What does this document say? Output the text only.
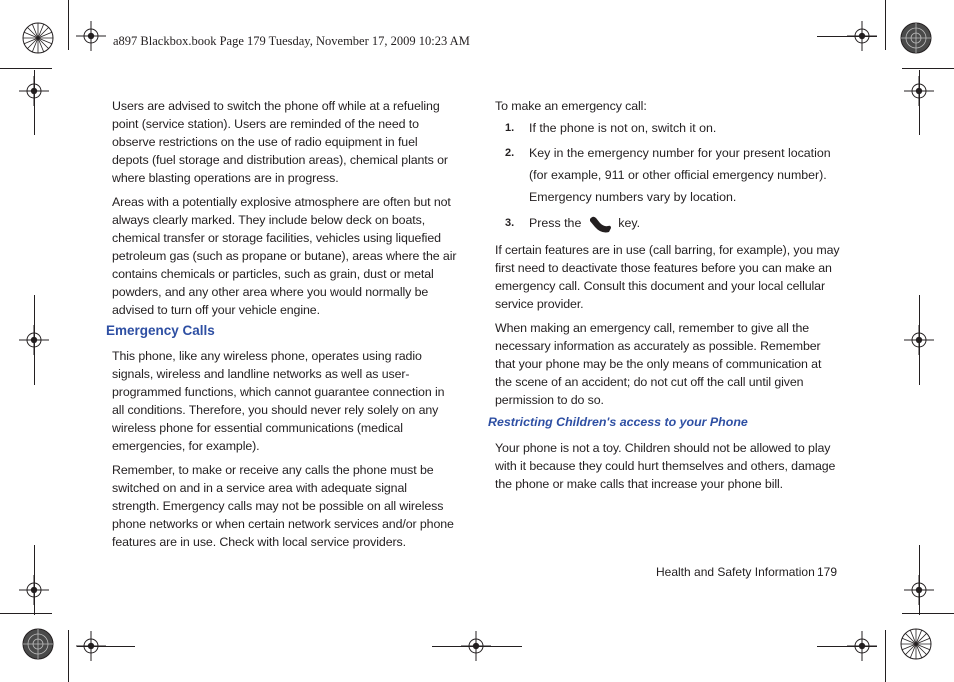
a897 Blackbox.book Page 179 Tuesday, November 17, 2009 10:23 AM

Users are advised to switch the phone off while at a refueling point (service station). Users are reminded of the need to observe restrictions on the use of radio equipment in fuel depots (fuel storage and distribution areas), chemical plants or where blasting operations are in progress.

Areas with a potentially explosive atmosphere are often but not always clearly marked. They include below deck on boats, chemical transfer or storage facilities, vehicles using liquefied petroleum gas (such as propane or butane), areas where the air contains chemicals or particles, such as grain, dust or metal powders, and any other area where you would normally be advised to turn off your vehicle engine.

Emergency Calls

This phone, like any wireless phone, operates using radio signals, wireless and landline networks as well as user-programmed functions, which cannot guarantee connection in all conditions. Therefore, you should never rely solely on any wireless phone for essential communications (medical emergencies, for example).

Remember, to make or receive any calls the phone must be switched on and in a service area with adequate signal strength. Emergency calls may not be possible on all wireless phone networks or when certain network services and/or phone features are in use. Check with local service providers.

To make an emergency call:

1. If the phone is not on, switch it on.
2. Key in the emergency number for your present location (for example, 911 or other official emergency number). Emergency numbers vary by location.
3. Press the	key.

If certain features are in use (call barring, for example), you may first need to deactivate those features before you can make an emergency call. Consult this document and your local cellular service provider.

When making an emergency call, remember to give all the necessary information as accurately as possible. Remember that your phone may be the only means of communication at the scene of an accident; do not cut off the call until given permission to do so.

Restricting Children's access to your Phone

Your phone is not a toy. Children should not be allowed to play with it because they could hurt themselves and others, damage the phone or make calls that increase your phone bill.

Health and Safety Information 179
